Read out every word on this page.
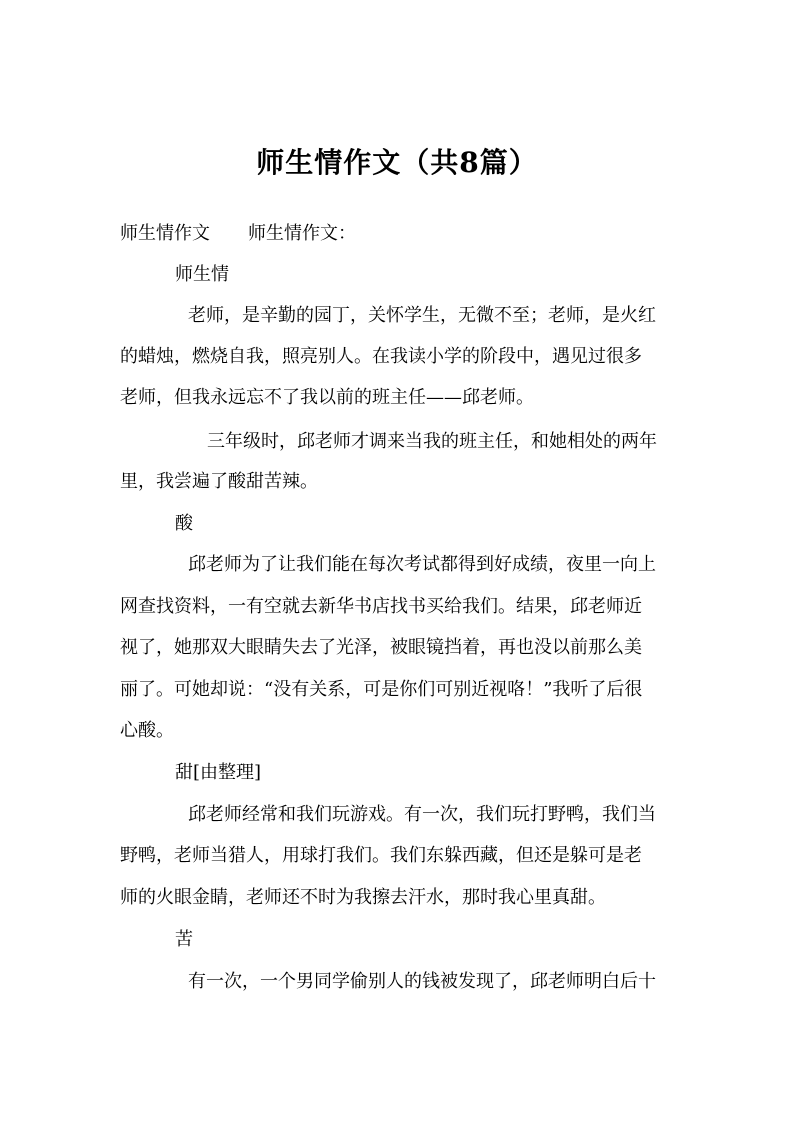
师生情作文（共8篇）
师生情作文 师生情作文：
师生情
老师，是辛勤的园丁，关怀学生，无微不至；老师，是火红
的蜡烛，燃烧自我，照亮别人。在我读小学的阶段中，遇见过很多
老师，但我永远忘不了我以前的班主任——邱老师。
三年级时，邱老师才调来当我的班主任，和她相处的两年
里，我尝遍了酸甜苦辣。
酸
邱老师为了让我们能在每次考试都得到好成绩，夜里一向上
网查找资料，一有空就去新华书店找书买给我们。结果，邱老师近
视了，她那双大眼睛失去了光泽，被眼镜挡着，再也没以前那么美
丽了。可她却说：“没有关系，可是你们可别近视咯！”我听了后很
心酸。
甜[由整理]
邱老师经常和我们玩游戏。有一次，我们玩打野鸭，我们当
野鸭，老师当猎人，用球打我们。我们东躲西藏，但还是躲可是老
师的火眼金睛，老师还不时为我擦去汗水，那时我心里真甜。
苦
有一次，一个男同学偷别人的钱被发现了，邱老师明白后十
